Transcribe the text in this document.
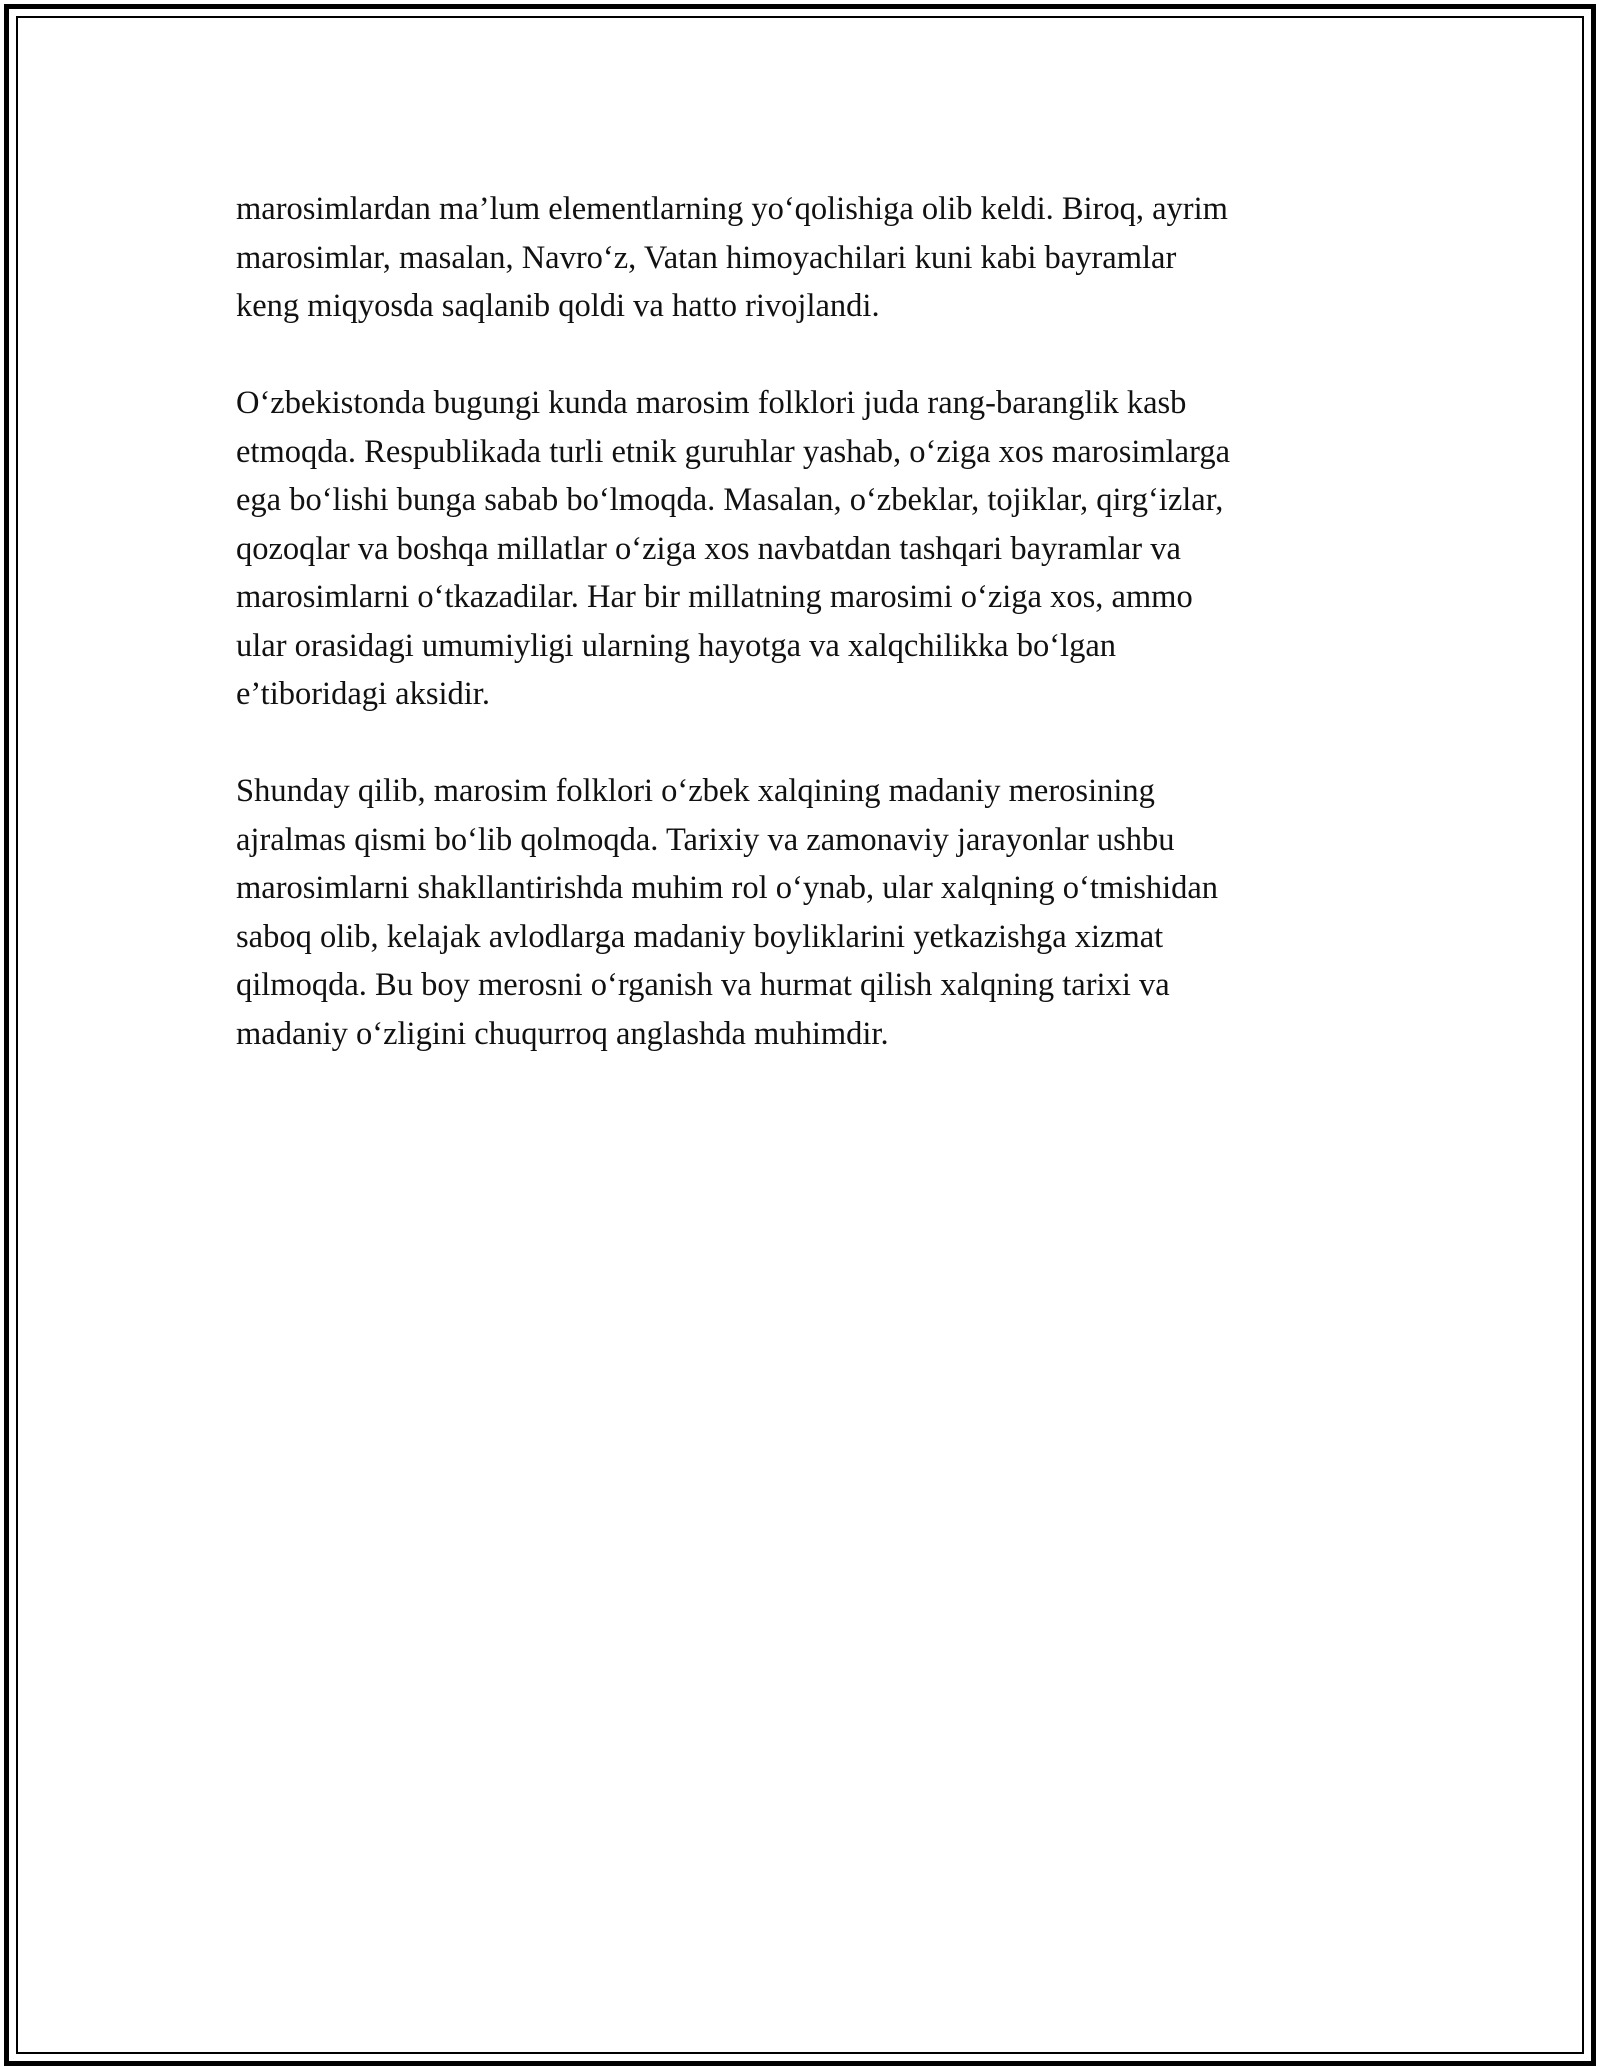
marosimlardan ma’lum elementlarning yo‘qolishiga olib keldi. Biroq, ayrim
marosimlar, masalan, Navro‘z, Vatan himoyachilari kuni kabi bayramlar
keng miqyosda saqlanib qoldi va hatto rivojlandi.

O‘zbekistonda bugungi kunda marosim folklori juda rang-baranglik kasb
etmoqda. Respublikada turli etnik guruhlar yashab, o‘ziga xos marosimlarga
ega bo‘lishi bunga sabab bo‘lmoqda. Masalan, o‘zbeklar, tojiklar, qirg‘izlar,
qozoqlar va boshqa millatlar o‘ziga xos navbatdan tashqari bayramlar va
marosimlarni o‘tkazadilar. Har bir millatning marosimi o‘ziga xos, ammo
ular orasidagi umumiyligi ularning hayotga va xalqchilikka bo‘lgan
e’tiboridagi aksidir.

Shunday qilib, marosim folklori o‘zbek xalqining madaniy merosining
ajralmas qismi bo‘lib qolmoqda. Tarixiy va zamonaviy jarayonlar ushbu
marosimlarni shakllantirishda muhim rol o‘ynab, ular xalqning o‘tmishidan
saboq olib, kelajak avlodlarga madaniy boyliklarini yetkazishga xizmat
qilmoqda. Bu boy merosni o‘rganish va hurmat qilish xalqning tarixi va
madaniy o‘zligini chuqurroq anglashda muhimdir.
